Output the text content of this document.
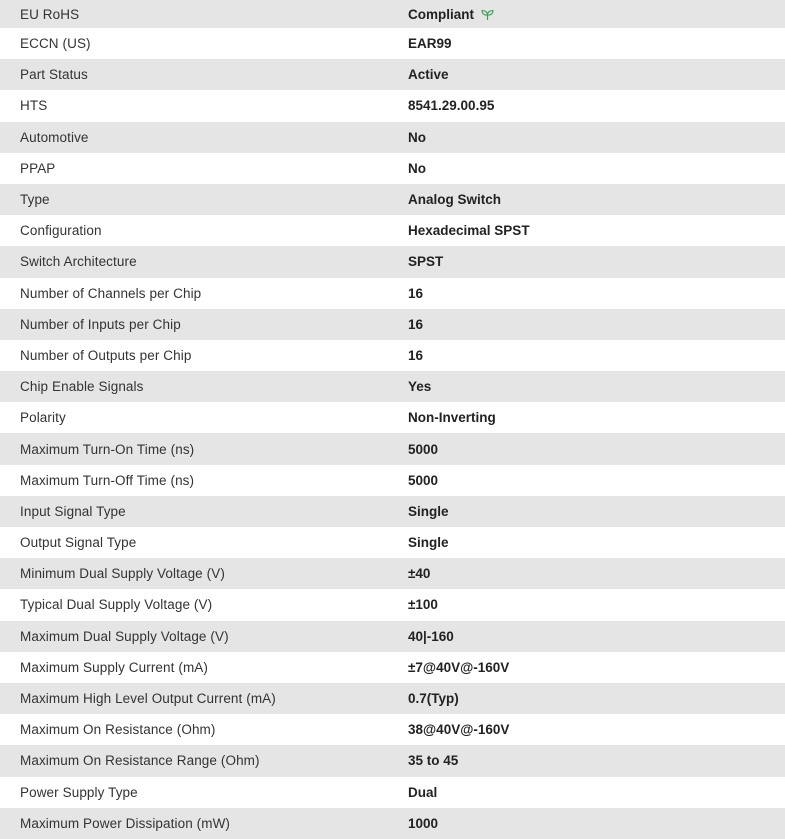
EU RoHS	Compliant
ECCN (US)	EAR99
Part Status	Active
HTS	8541.29.00.95
Automotive	No
PPAP	No
Type	Analog Switch
Configuration	Hexadecimal SPST
Switch Architecture	SPST
Number of Channels per Chip	16
Number of Inputs per Chip	16
Number of Outputs per Chip	16
Chip Enable Signals	Yes
Polarity	Non-Inverting
Maximum Turn-On Time (ns)	5000
Maximum Turn-Off Time (ns)	5000
Input Signal Type	Single
Output Signal Type	Single
Minimum Dual Supply Voltage (V)	±40
Typical Dual Supply Voltage (V)	±100
Maximum Dual Supply Voltage (V)	40|-160
Maximum Supply Current (mA)	±7@40V@-160V
Maximum High Level Output Current (mA)	0.7(Typ)
Maximum On Resistance (Ohm)	38@40V@-160V
Maximum On Resistance Range (Ohm)	35 to 45
Power Supply Type	Dual
Maximum Power Dissipation (mW)	1000
